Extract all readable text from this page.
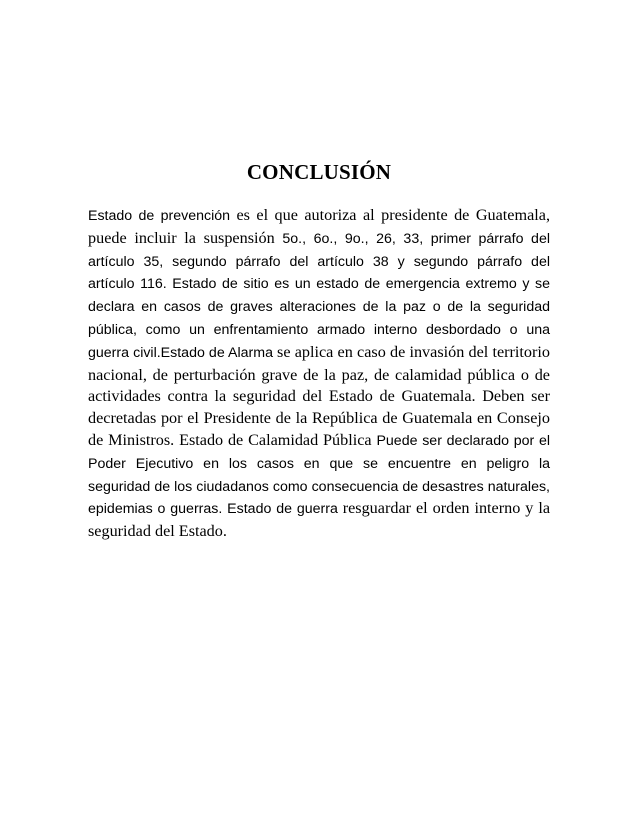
CONCLUSIÓN

Estado de prevención es el que autoriza al presidente de Guatemala, puede incluir la suspensión 5o., 6o., 9o., 26, 33, primer párrafo del artículo 35, segundo párrafo del artículo 38 y segundo párrafo del artículo 116. Estado de sitio es un estado de emergencia extremo y se declara en casos de graves alteraciones de la paz o de la seguridad pública, como un enfrentamiento armado interno desbordado o una guerra civil.Estado de Alarma se aplica en caso de invasión del territorio nacional, de perturbación grave de la paz, de calamidad pública o de actividades contra la seguridad del Estado de Guatemala. Deben ser decretadas por el Presidente de la República de Guatemala en Consejo de Ministros. Estado de Calamidad Pública Puede ser declarado por el Poder Ejecutivo en los casos en que se encuentre en peligro la seguridad de los ciudadanos como consecuencia de desastres naturales, epidemias o guerras. Estado de guerra resguardar el orden interno y la seguridad del Estado.
